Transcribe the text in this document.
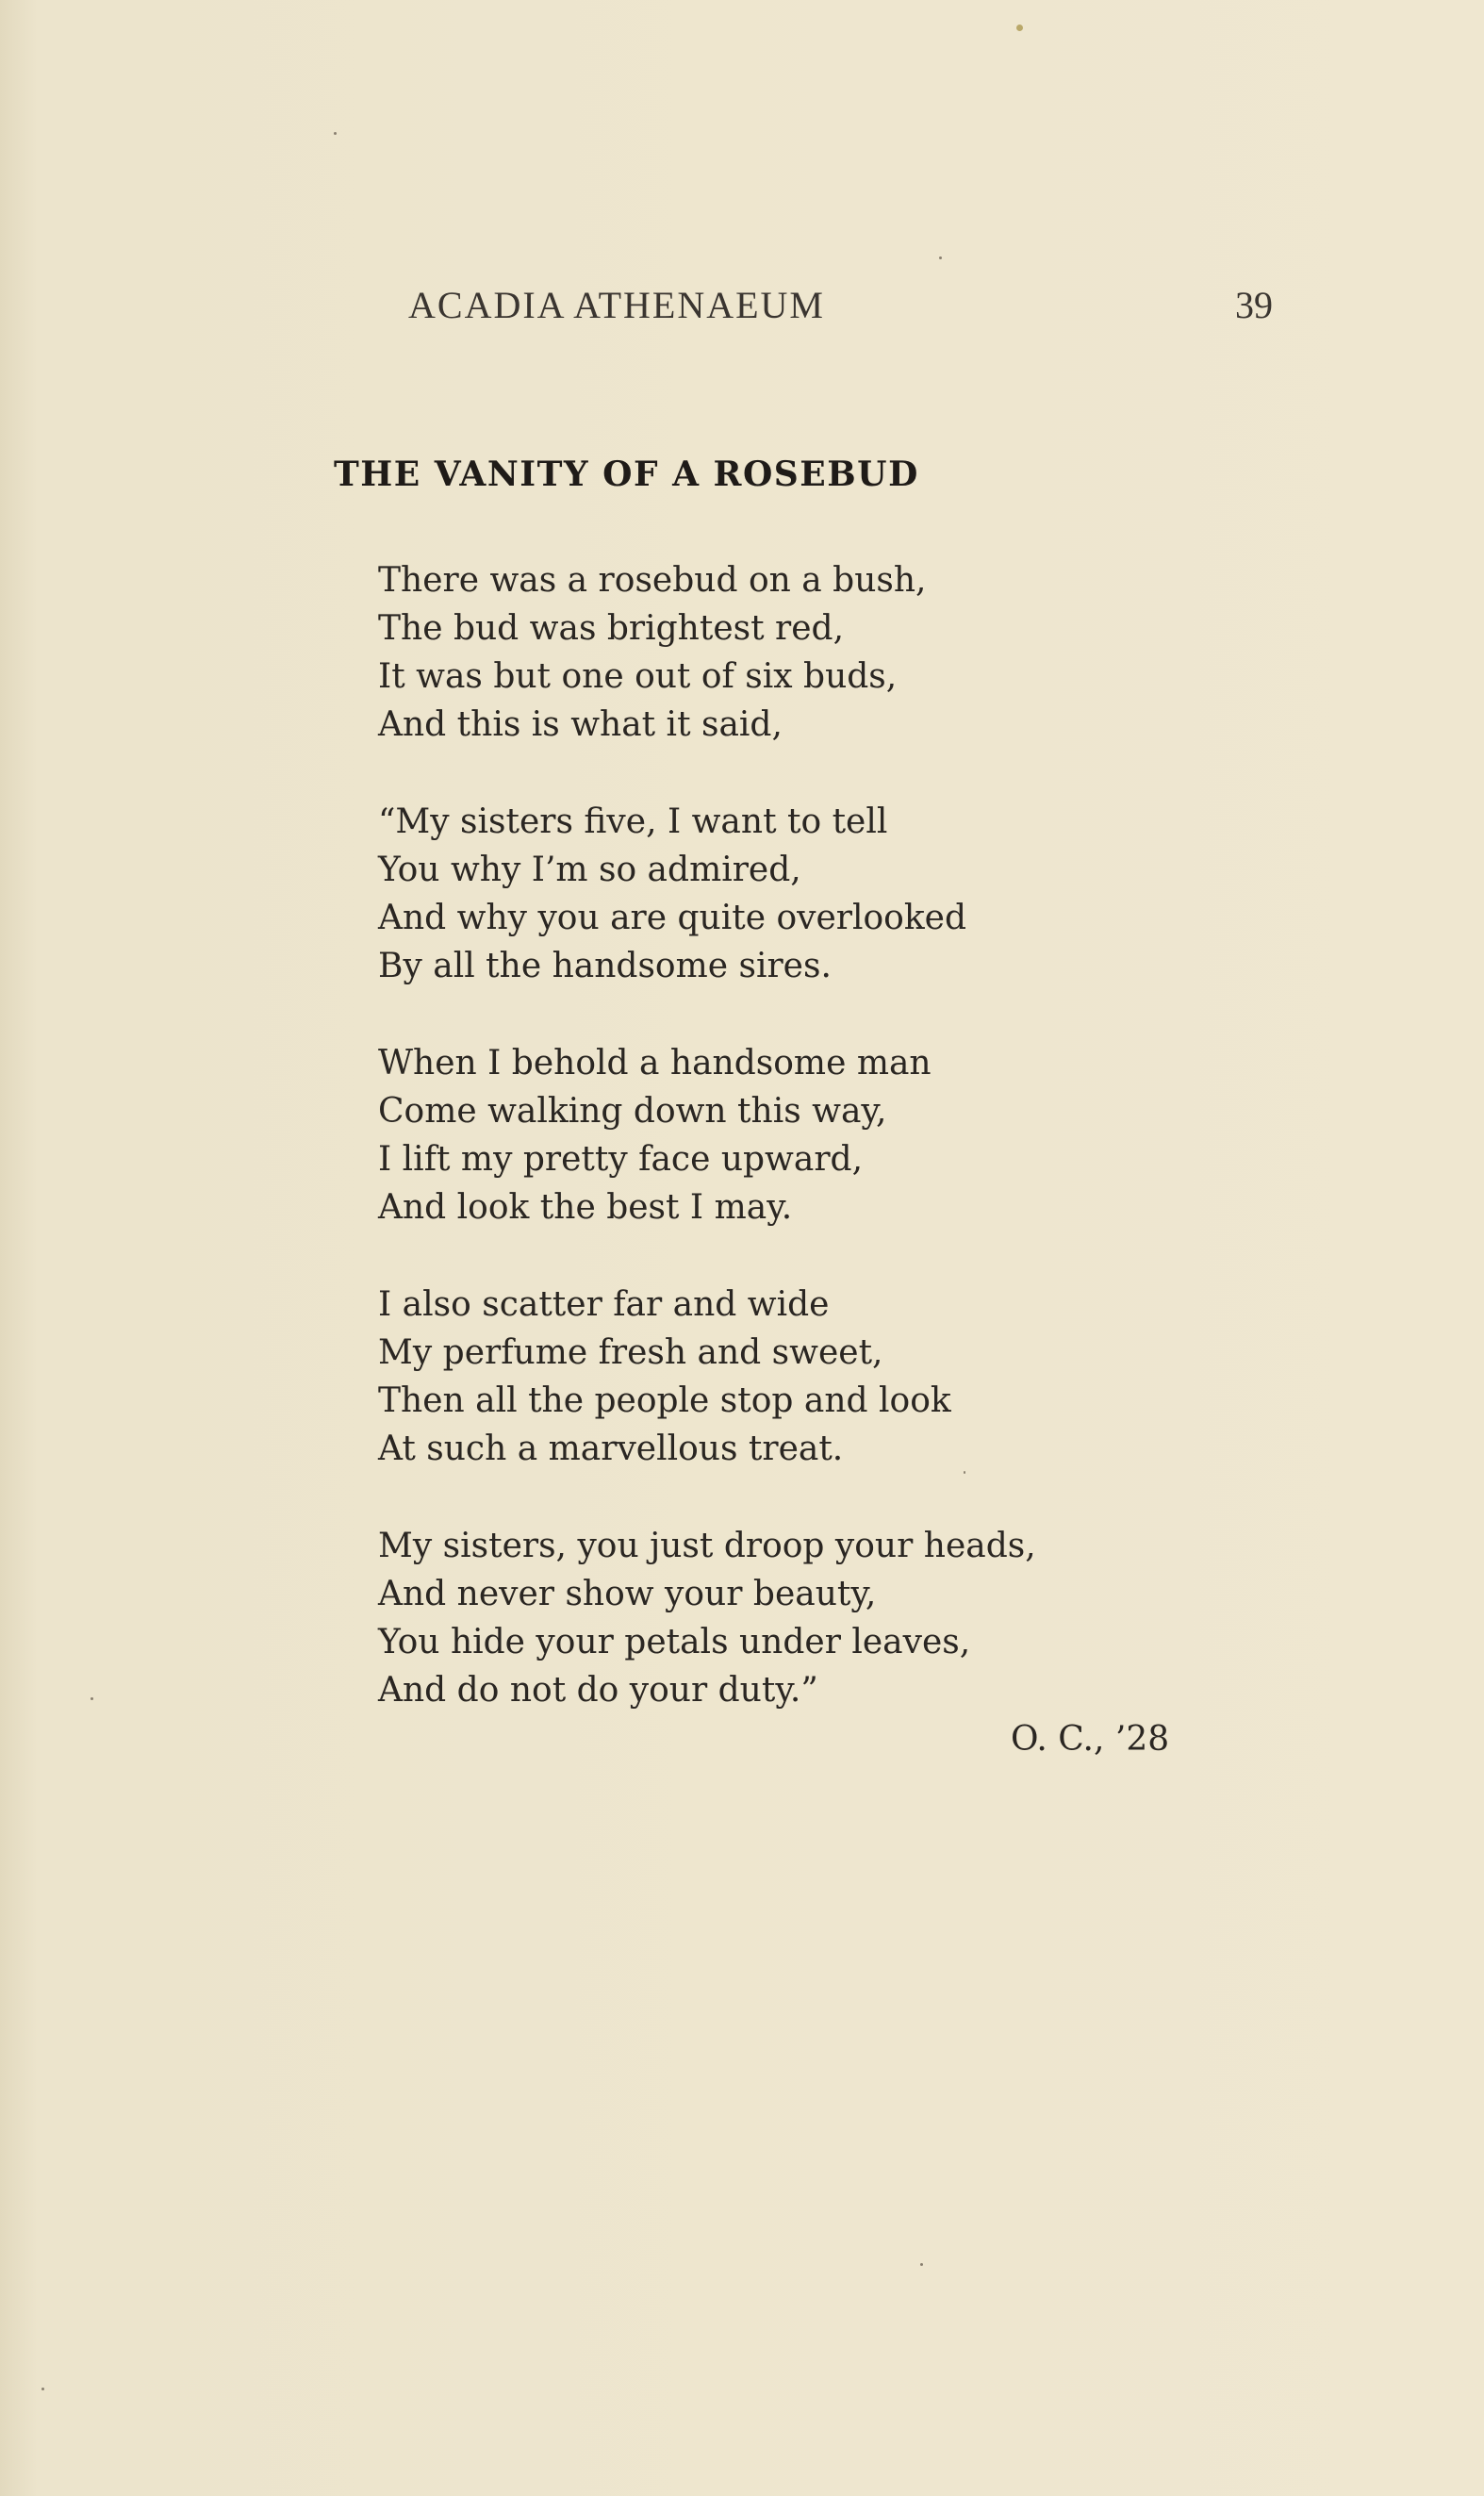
ACADIA ATHENAEUM	39
THE VANITY OF A ROSEBUD
There was a rosebud on a bush,
The bud was brightest red,
It was but one out of six buds,
And this is what it said,
“My sisters five, I want to tell
You why I’m so admired,
And why you are quite overlooked
By all the handsome sires.
When I behold a handsome man
Come walking down this way,
I lift my pretty face upward,
And look the best I may.
I also scatter far and wide
My perfume fresh and sweet,
Then all the people stop and look
At such a marvellous treat.
My sisters, you just droop your heads,
And never show your beauty,
You hide your petals under leaves,
And do not do your duty.”
O. C., ’28
